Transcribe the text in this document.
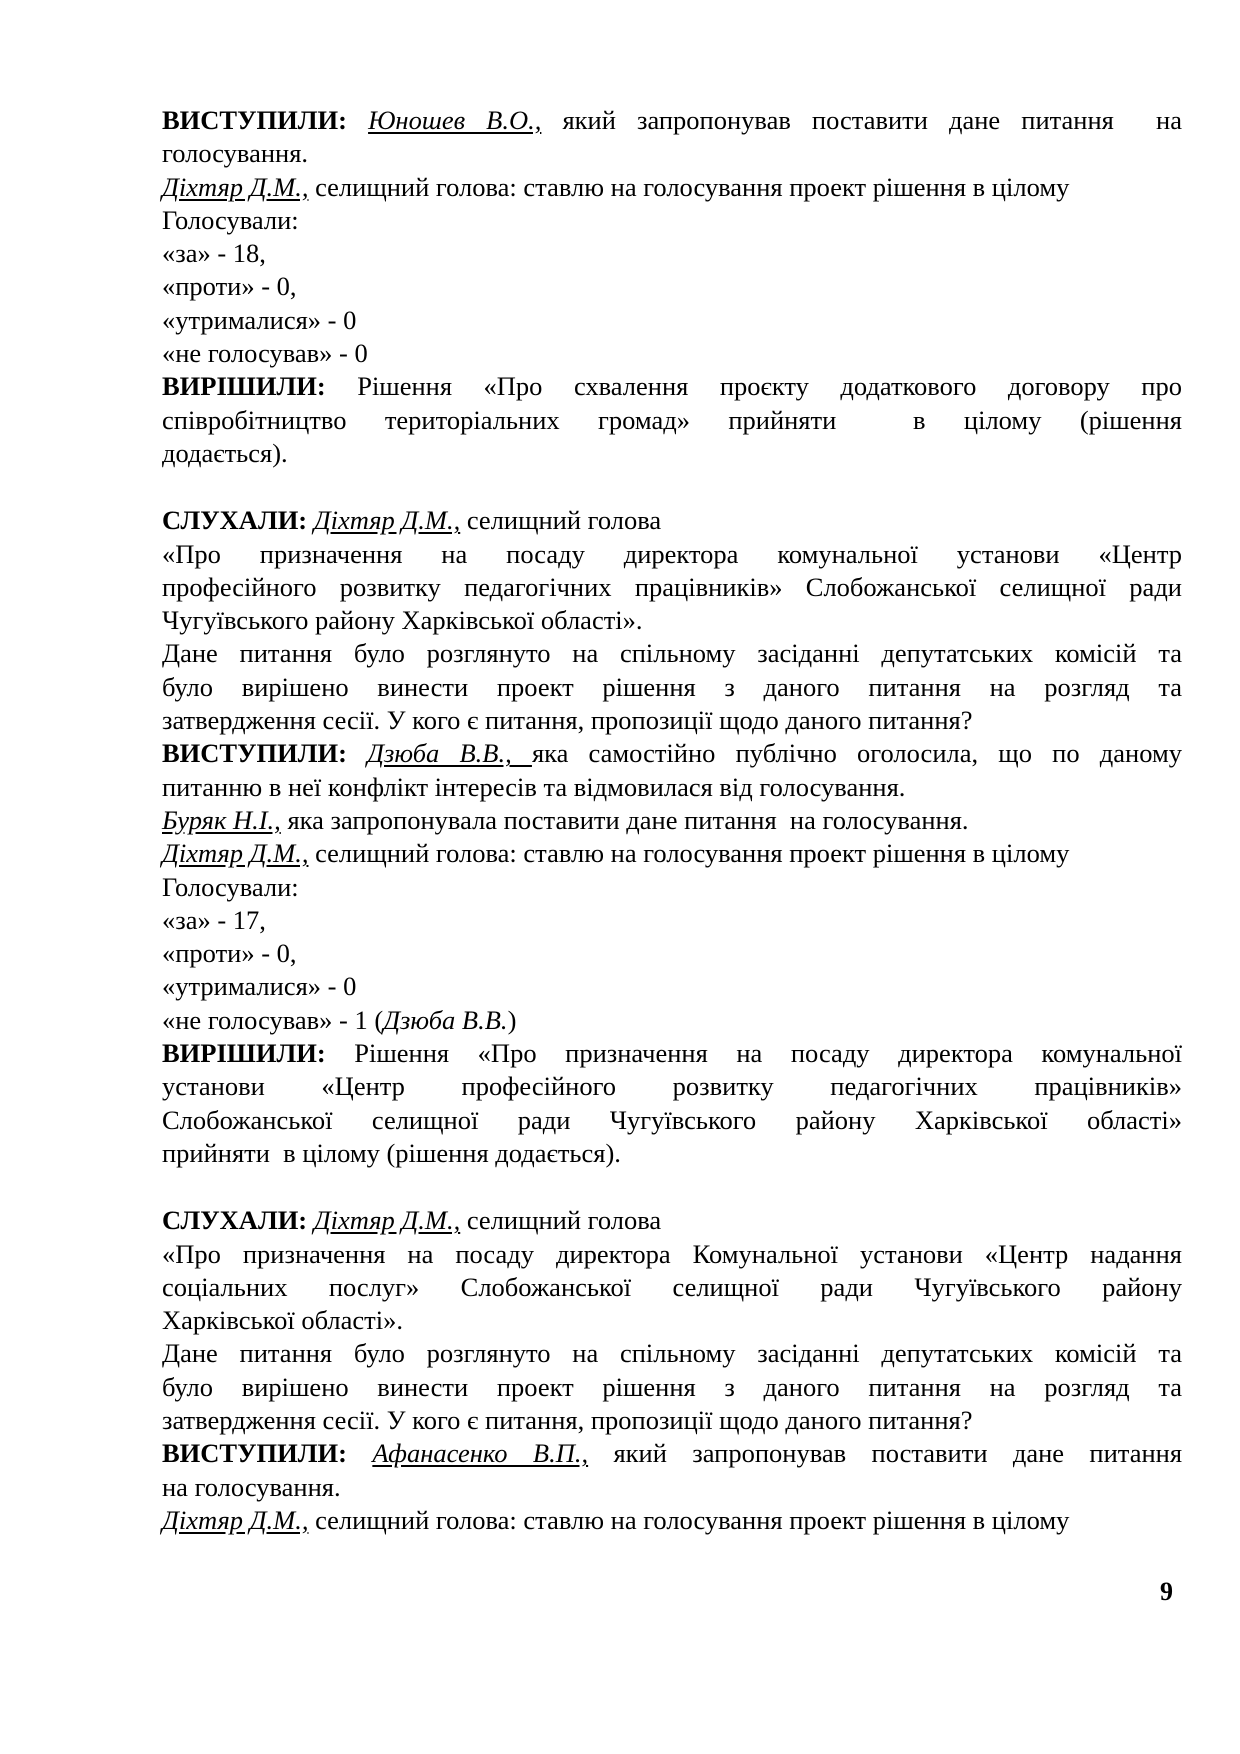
ВИСТУПИЛИ: Юношев В.О., який запропонував поставити дане питання  на
голосування.
Діхтяр Д.М., селищний голова: ставлю на голосування проект рішення в цілому
Голосували:
«за» - 18,
«проти» - 0,
«утрималися» - 0
«не голосував» - 0
ВИРІШИЛИ: Рішення «Про схвалення проєкту додаткового договору про
співробітництво територіальних громад» прийняти  в цілому (рішення
додається).
СЛУХАЛИ: Діхтяр Д.М., селищний голова
«Про призначення на посаду директора комунальної установи «Центр
професійного розвитку педагогічних працівників» Слобожанської селищної ради
Чугуївського району Харківської області».
Дане питання було розглянуто на спільному засіданні депутатських комісій та
було вирішено винести проект рішення з даного питання на розгляд та
затвердження сесії. У кого є питання, пропозиції щодо даного питання?
ВИСТУПИЛИ: Дзюба В.В., яка самостійно публічно оголосила, що по даному
питанню в неї конфлікт інтересів та відмовилася від голосування.
Буряк Н.І., яка запропонувала поставити дане питання  на голосування.
Діхтяр Д.М., селищний голова: ставлю на голосування проект рішення в цілому
Голосували:
«за» - 17,
«проти» - 0,
«утрималися» - 0
«не голосував» - 1 (Дзюба В.В.)
ВИРІШИЛИ: Рішення «Про призначення на посаду директора комунальної
установи «Центр професійного розвитку педагогічних працівників»
Слобожанської селищної ради Чугуївського району Харківської області»
прийняти  в цілому (рішення додається).
СЛУХАЛИ: Діхтяр Д.М., селищний голова
«Про призначення на посаду директора Комунальної установи «Центр надання
соціальних послуг» Слобожанської селищної ради Чугуївського району
Харківської області».
Дане питання було розглянуто на спільному засіданні депутатських комісій та
було вирішено винести проект рішення з даного питання на розгляд та
затвердження сесії. У кого є питання, пропозиції щодо даного питання?
ВИСТУПИЛИ: Афанасенко В.П., який запропонував поставити дане питання
на голосування.
Діхтяр Д.М., селищний голова: ставлю на голосування проект рішення в цілому
9
